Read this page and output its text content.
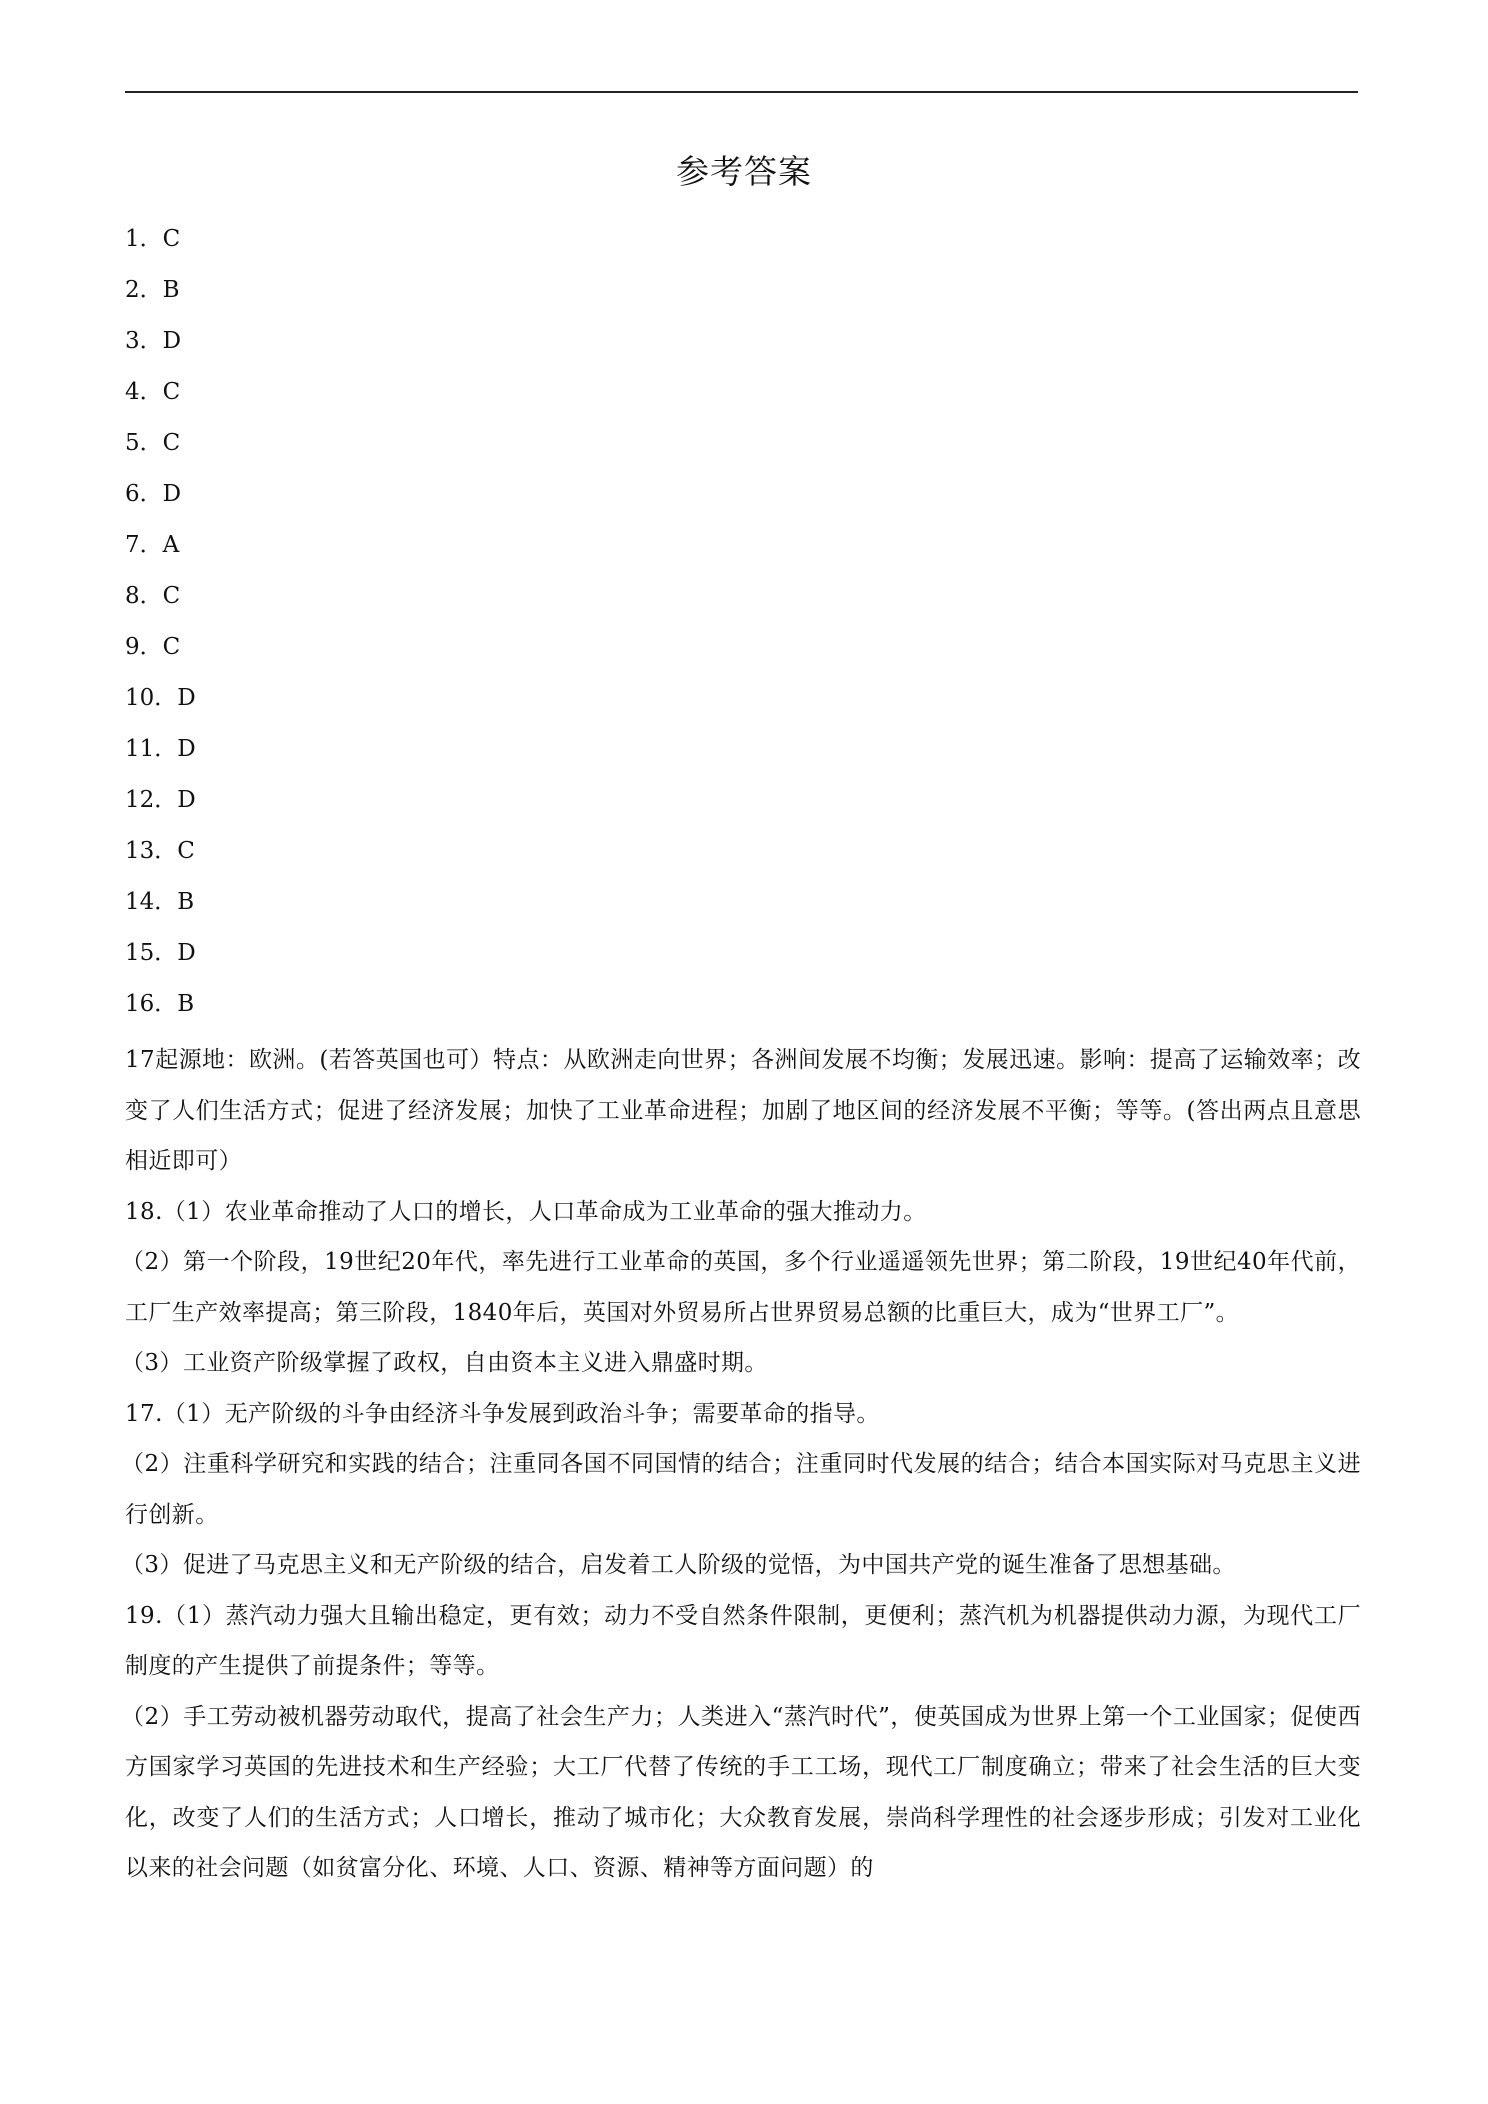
参考答案
1．C
2．B
3．D
4．C
5．C
6．D
7．A
8．C
9．C
10．D
11．D
12．D
13．C
14．B
15．D
16．B

17起源地：欧洲。(若答英国也可）特点：从欧洲走向世界；各洲间发展不均衡；发展迅速。影响：提高了运输效率；改变了人们生活方式；促进了经济发展；加快了工业革命进程；加剧了地区间的经济发展不平衡；等等。(答出两点且意思相近即可）

18.（1）农业革命推动了人口的增长，人口革命成为工业革命的强大推动力。

（2）第一个阶段，19世纪20年代，率先进行工业革命的英国，多个行业遥遥领先世界；第二阶段，19世纪40年代前，工厂生产效率提高；第三阶段，1840年后，英国对外贸易所占世界贸易总额的比重巨大，成为“世界工厂”。

（3）工业资产阶级掌握了政权，自由资本主义进入鼎盛时期。

17.（1）无产阶级的斗争由经济斗争发展到政治斗争；需要革命的指导。

（2）注重科学研究和实践的结合；注重同各国不同国情的结合；注重同时代发展的结合；结合本国实际对马克思主义进行创新。

（3）促进了马克思主义和无产阶级的结合，启发着工人阶级的觉悟，为中国共产党的诞生准备了思想基础。

19.（1）蒸汽动力强大且输出稳定，更有效；动力不受自然条件限制，更便利；蒸汽机为机器提供动力源，为现代工厂制度的产生提供了前提条件；等等。

（2）手工劳动被机器劳动取代，提高了社会生产力；人类进入“蒸汽时代”，使英国成为世界上第一个工业国家；促使西方国家学习英国的先进技术和生产经验；大工厂代替了传统的手工工场，现代工厂制度确立；带来了社会生活的巨大变化，改变了人们的生活方式；人口增长，推动了城市化；大众教育发展，崇尚科学理性的社会逐步形成；引发对工业化以来的社会问题（如贫富分化、环境、人口、资源、精神等方面问题）的
